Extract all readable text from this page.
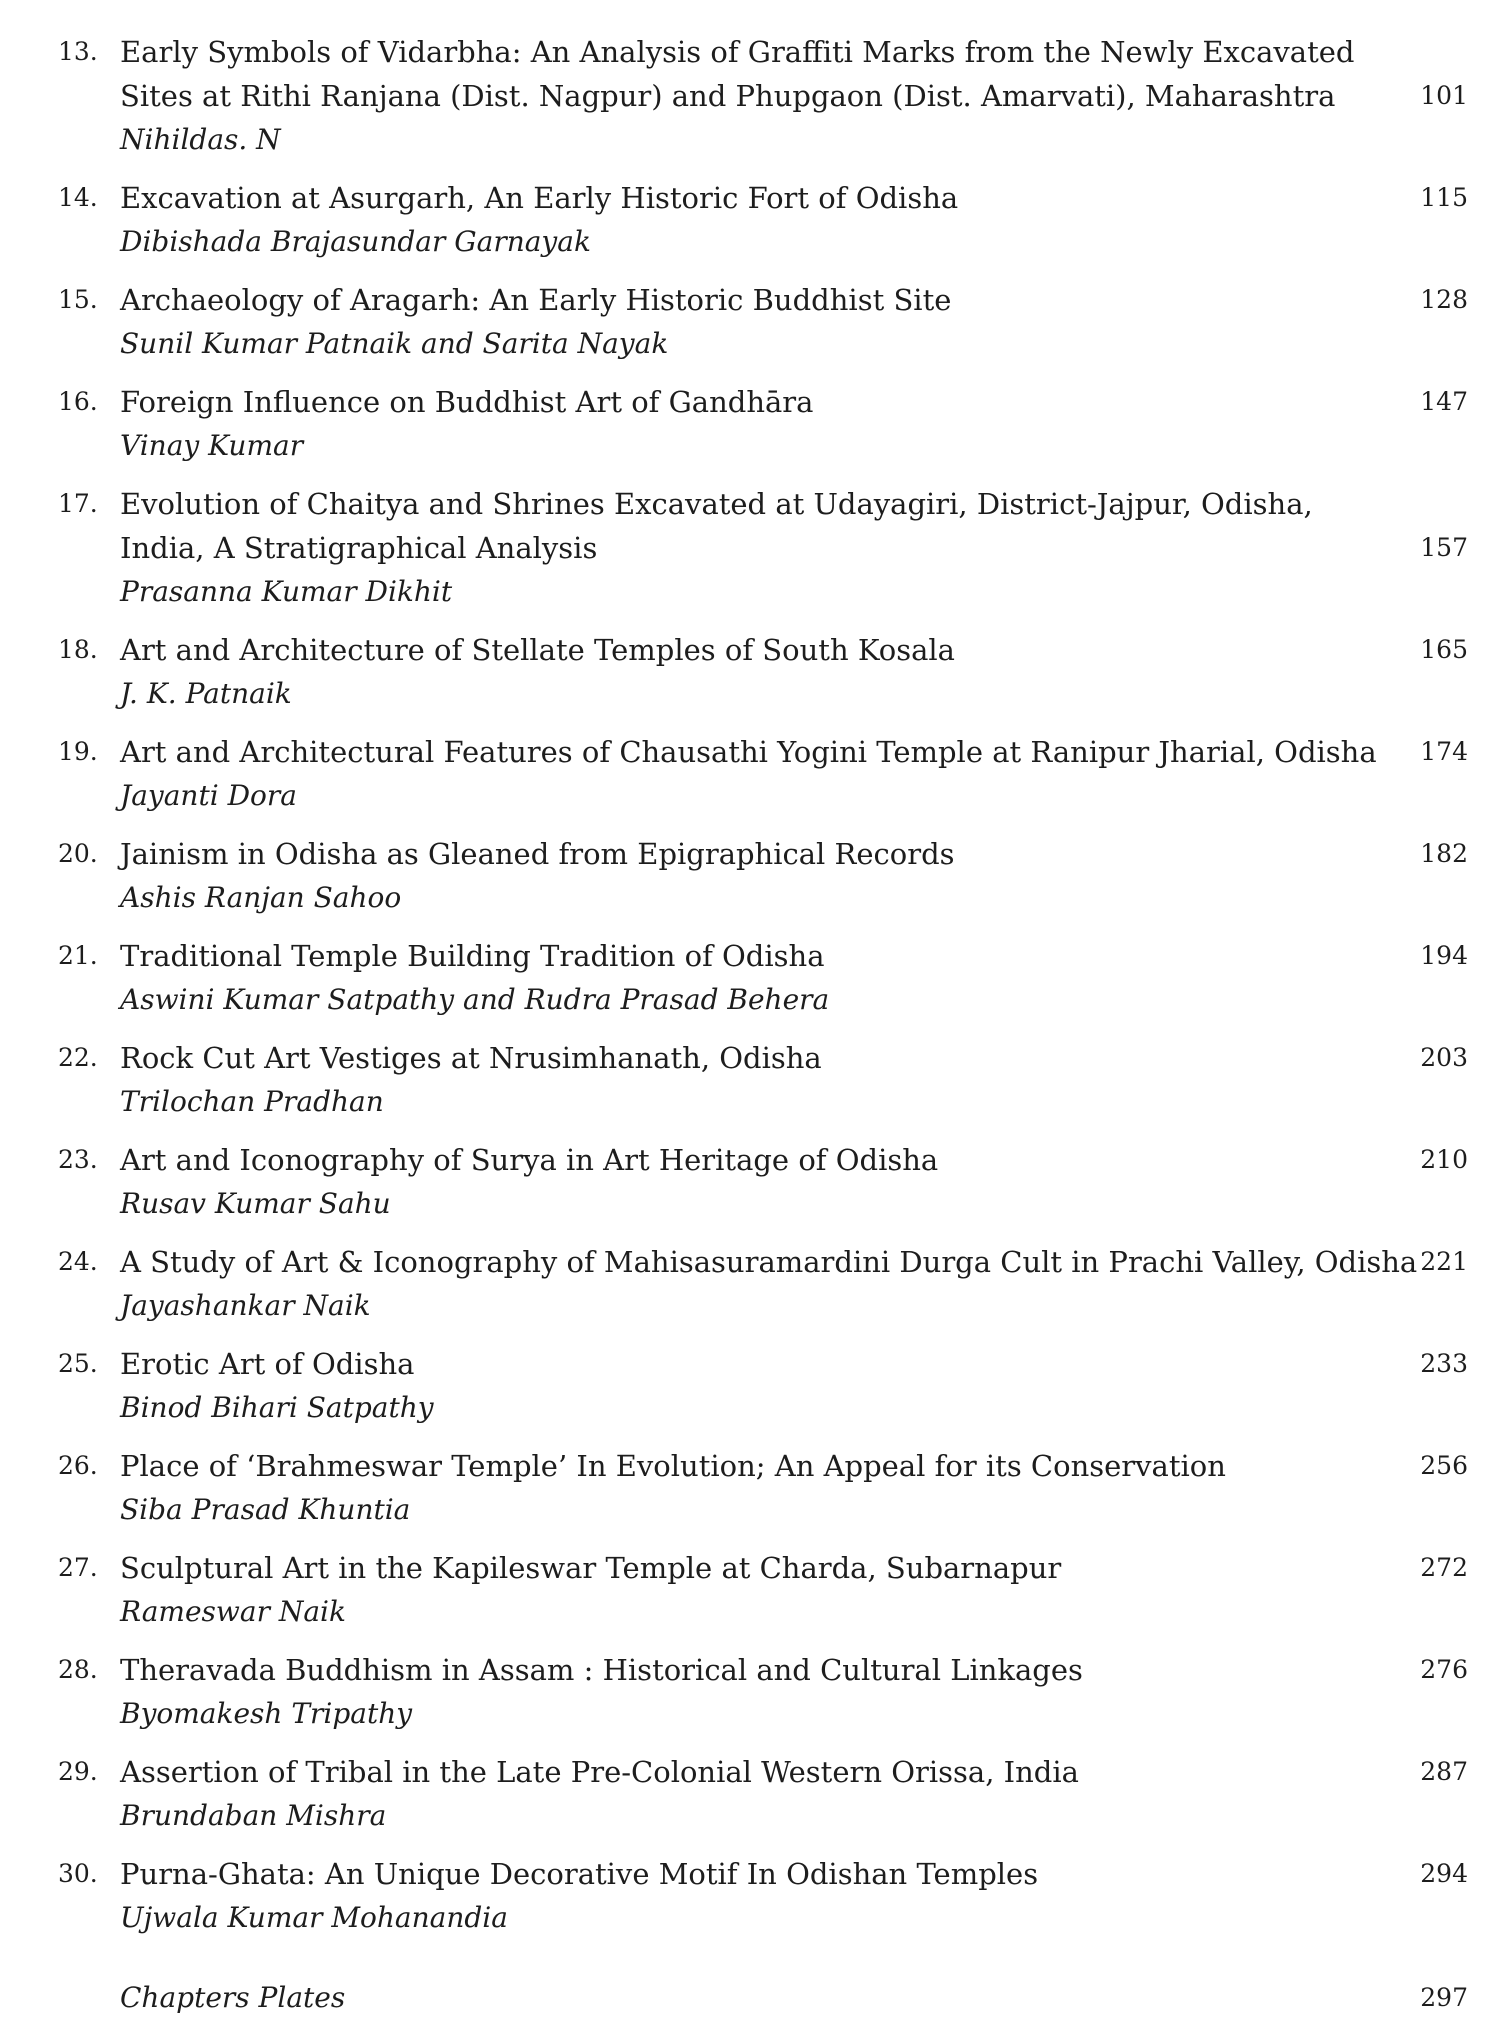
13. Early Symbols of Vidarbha: An Analysis of Graffiti Marks from the Newly Excavated
Sites at Rithi Ranjana (Dist. Nagpur) and Phupgaon (Dist. Amarvati), Maharashtra
Nihildas. N
101
14. Excavation at Asurgarh, An Early Historic Fort of Odisha
Dibishada Brajasundar Garnayak
115
15. Archaeology of Aragarh: An Early Historic Buddhist Site
Sunil Kumar Patnaik and Sarita Nayak
128
16. Foreign Influence on Buddhist Art of Gandhāra
Vinay Kumar
147
17. Evolution of Chaitya and Shrines Excavated at Udayagiri, District-Jajpur, Odisha,
India, A Stratigraphical Analysis
Prasanna Kumar Dikhit
157
18. Art and Architecture of Stellate Temples of South Kosala
J. K. Patnaik
165
19. Art and Architectural Features of Chausathi Yogini Temple at Ranipur Jharial, Odisha
Jayanti Dora
174
20. Jainism in Odisha as Gleaned from Epigraphical Records
Ashis Ranjan Sahoo
182
21. Traditional Temple Building Tradition of Odisha
Aswini Kumar Satpathy and Rudra Prasad Behera
194
22. Rock Cut Art Vestiges at Nrusimhanath, Odisha
Trilochan Pradhan
203
23. Art and Iconography of Surya in Art Heritage of Odisha
Rusav Kumar Sahu
210
24. A Study of Art & Iconography of Mahisasuramardini Durga Cult in Prachi Valley, Odisha
Jayashankar Naik
221
25. Erotic Art of Odisha
Binod Bihari Satpathy
233
26. Place of ‘Brahmeswar Temple’ In Evolution; An Appeal for its Conservation
Siba Prasad Khuntia
256
27. Sculptural Art in the Kapileswar Temple at Charda, Subarnapur
Rameswar Naik
272
28. Theravada Buddhism in Assam : Historical and Cultural Linkages
Byomakesh Tripathy
276
29. Assertion of Tribal in the Late Pre-Colonial Western Orissa, India
Brundaban Mishra
287
30. Purna-Ghata: An Unique Decorative Motif In Odishan Temples
Ujwala Kumar Mohanandia
294
Chapters Plates	297
